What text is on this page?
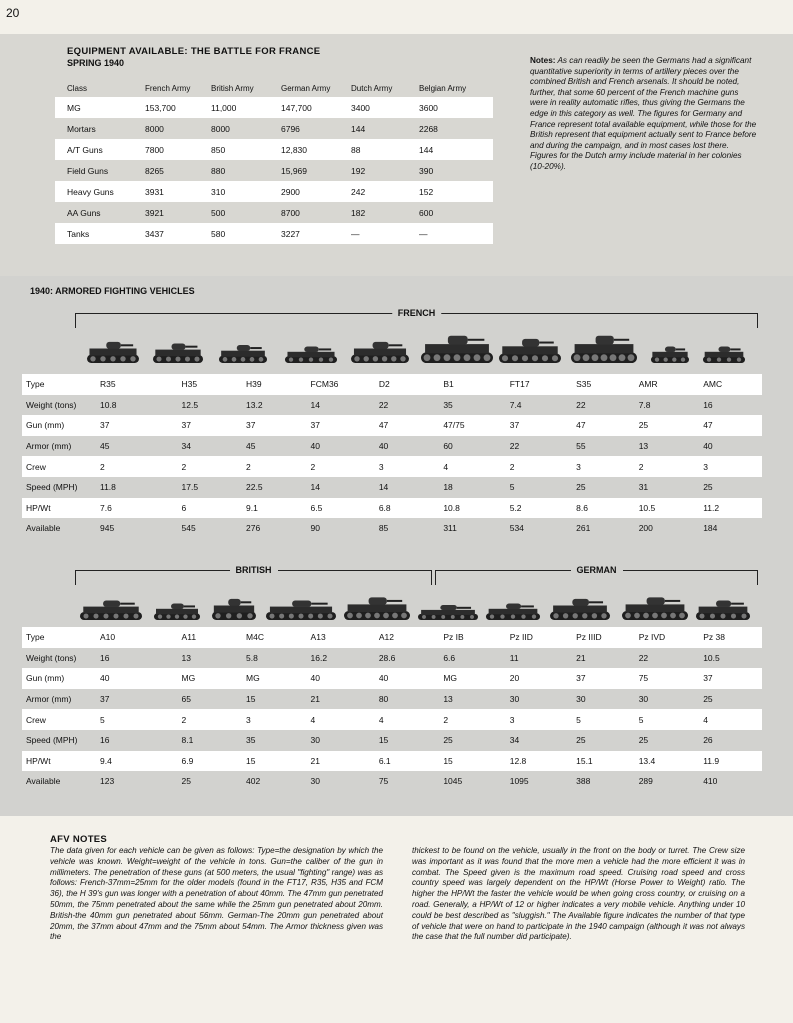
20
EQUIPMENT AVAILABLE: THE BATTLE FOR FRANCE
SPRING 1940
Class	French Army	British Army	German Army	Dutch Army	Belgian Army
MG	153,700	11,000	147,700	3400	3600
Mortars	8000	8000	6796	144	2268
A/T Guns	7800	850	12,830	88	144
Field Guns	8265	880	15,969	192	390
Heavy Guns	3931	310	2900	242	152
AA Guns	3921	500	8700	182	600
Tanks	3437	580	3227	—	—
Notes: As can readily be seen the Germans had a significant quantitative superiority in terms of artillery pieces over the combined British and French arsenals. It should be noted, further, that some 60 percent of the French machine guns were in reality automatic rifles, thus giving the Germans the edge in this category as well. The figures for Germany and France represent total available equipment, while those for the British represent that equipment actually sent to France before and during the campaign, and in most cases lost there. Figures for the Dutch army include material in her colonies (10-20%).
1940: ARMORED FIGHTING VEHICLES
FRENCH
Type	R35	H35	H39	FCM36	D2	B1	FT17	S35	AMR	AMC
Weight (tons)	10.8	12.5	13.2	14	22	35	7.4	22	7.8	16
Gun (mm)	37	37	37	37	47	47/75	37	47	25	47
Armor (mm)	45	34	45	40	40	60	22	55	13	40
Crew	2	2	2	2	3	4	2	3	2	3
Speed (MPH)	11.8	17.5	22.5	14	14	18	5	25	31	25
HP/Wt	7.6	6	9.1	6.5	6.8	10.8	5.2	8.6	10.5	11.2
Available	945	545	276	90	85	311	534	261	200	184
BRITISH	GERMAN
Type	A10	A11	M4C	A13	A12	Pz IB	Pz IID	Pz IIID	Pz IVD	Pz 38
Weight (tons)	16	13	5.8	16.2	28.6	6.6	11	21	22	10.5
Gun (mm)	40	MG	MG	40	40	MG	20	37	75	37
Armor (mm)	37	65	15	21	80	13	30	30	30	25
Crew	5	2	3	4	4	2	3	5	5	4
Speed (MPH)	16	8.1	35	30	15	25	34	25	25	26
HP/Wt	9.4	6.9	15	21	6.1	15	12.8	15.1	13.4	11.9
Available	123	25	402	30	75	1045	1095	388	289	410
AFV NOTES
The data given for each vehicle can be given as follows: Type=the designation by which the vehicle was known. Weight=weight of the vehicle in tons. Gun=the caliber of the gun in millimeters. The penetration of these guns (at 500 meters, the usual "fighting" range) was as follows: French-37mm=25mm for the older models (found in the FT17, R35, H35 and FCM 36), the H 39's gun was longer with a penetration of about 40mm. The 47mm gun penetrated 50mm, the 75mm penetrated about the same while the 25mm gun penetrated about 20mm. British-the 40mm gun penetrated about 56mm. German-The 20mm gun penetrated about 20mm, the 37mm about 47mm and the 75mm about 54mm. The Armor thickness given was the
thickest to be found on the vehicle, usually in the front on the body or turret. The Crew size was important as it was found that the more men a vehicle had the more efficient it was in combat. The Speed given is the maximum road speed. Cruising road speed and cross country speed was largely dependent on the HP/Wt (Horse Power to Weight) ratio. The higher the HP/Wt the faster the vehicle would be when going cross country, or cruising on a road. Generally, a HP/Wt of 12 or higher indicates a very mobile vehicle. Anything under 10 could be best described as "sluggish." The Available figure indicates the number of that type of vehicle that were on hand to participate in the 1940 campaign (although it was not always the case that the full number did participate).
